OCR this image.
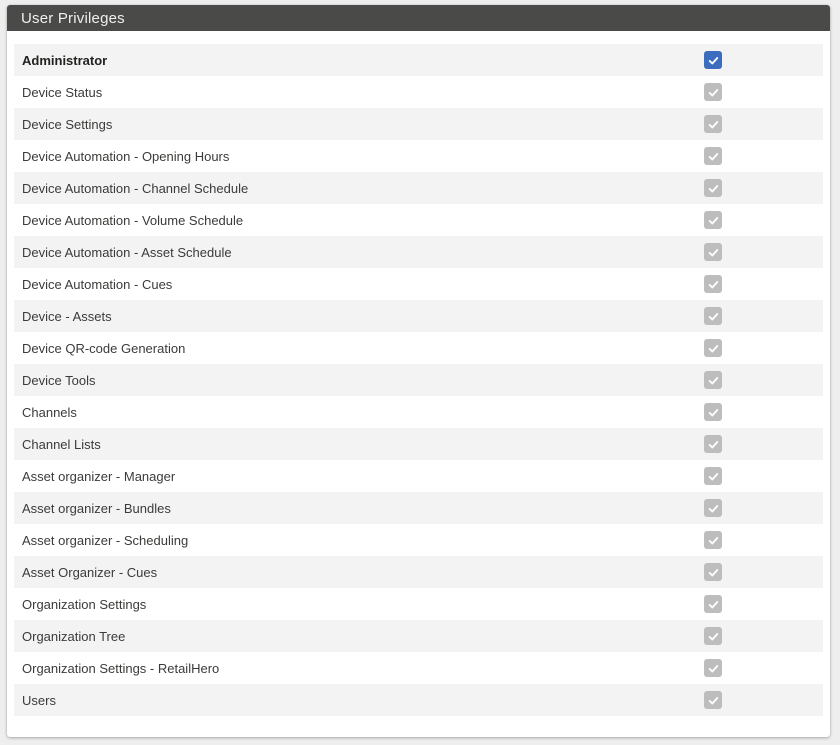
User Privileges
Administrator
Device Status
Device Settings
Device Automation - Opening Hours
Device Automation - Channel Schedule
Device Automation - Volume Schedule
Device Automation - Asset Schedule
Device Automation - Cues
Device - Assets
Device QR-code Generation
Device Tools
Channels
Channel Lists
Asset organizer - Manager
Asset organizer - Bundles
Asset organizer - Scheduling
Asset Organizer - Cues
Organization Settings
Organization Tree
Organization Settings - RetailHero
Users
